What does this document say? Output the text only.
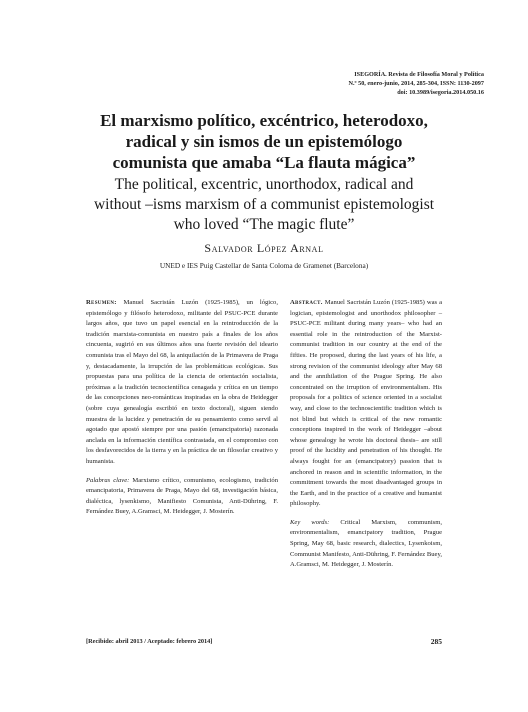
ISEGORÍA. Revista de Filosofía Moral y Política
N.º 50, enero-junio, 2014, 285-304, ISSN: 1130-2097
doi: 10.3989/isegoria.2014.050.16
El marxismo político, excéntrico, heterodoxo,
radical y sin ismos de un epistemólogo
comunista que amaba “La flauta mágica”
The political, excentric, unorthodox, radical and
without –isms marxism of a communist epistemologist
who loved “The magic flute”
Salvador López Arnal
UNED e IES Puig Castellar de Santa Coloma de Gramenet (Barcelona)

Resumen: Manuel Sacristán Luzón (1925-1985), un lógico, epistemólogo y filósofo heterodoxo, militante del PSUC-PCE durante largos años, que tuvo un papel esencial en la reintroducción de la tradición marxista-comunista en nuestro país a finales de los años cincuenta, sugirió en sus últimos años una fuerte revisión del ideario comunista tras el Mayo del 68, la aniquilación de la Primavera de Praga y, destacadamente, la irrupción de las problemáticas ecológicas. Sus propuestas para una política de la ciencia de orientación socialista, próximas a la tradición tecnocientífica cenagada y crítica en un tiempo de las concepciones neo-románticas inspiradas en la obra de Heidegger (sobre cuya genealogía escribió en texto doctoral), siguen siendo muestra de la lucidez y penetración de su pensamiento como servil al agotado que apostó siempre por una pasión (emancipatoria) razonada anclada en la información científica contrastada, en el compromiso con los desfavorecidos de la tierra y en la práctica de un filosofar creativo y humanista.

Palabras clave: Marxismo crítico, comunismo, ecologismo, tradición emancipatoria, Primavera de Praga, Mayo del 68, investigación básica, dialéctica, lysenkismo, Manifiesto Comunista, Anti-Dühring, F. Fernández Buey, A.Gramsci, M. Heidegger, J. Mosterín.

Abstract. Manuel Sacristán Luzón (1925-1985) was a logician, epistemologist and unorthodox philosopher –PSUC-PCE militant during many years– who had an essential role in the reintroduction of the Marxist-communist tradition in our country at the end of the fifties. He proposed, during the last years of his life, a strong revision of the communist ideology after May 68 and the annihilation of the Prague Spring. He also concentrated on the irruption of environmentalism. His proposals for a politics of science oriented in a socialist way, and close to the technoscientific tradition which is not blind but which is critical of the new romantic conceptions inspired in the work of Heidegger –about whose genealogy he wrote his doctoral thesis– are still proof of the lucidity and penetration of his thought. He always fought for an (emancipatory) passion that is anchored in reason and in scientific information, in the commitment towards the most disadvantaged groups in the Earth, and in the practice of a creative and humanist philosophy.

Key words: Critical Marxism, communism, environmentalism, emancipatory tradition, Prague Spring, May 68, basic research, dialectics, Lysenkoism, Communist Manifesto, Anti-Dühring, F. Fernández Buey, A.Gramsci, M. Heidegger, J. Mosterín.

[Recibido: abril 2013 / Aceptado: febrero 2014]	285
